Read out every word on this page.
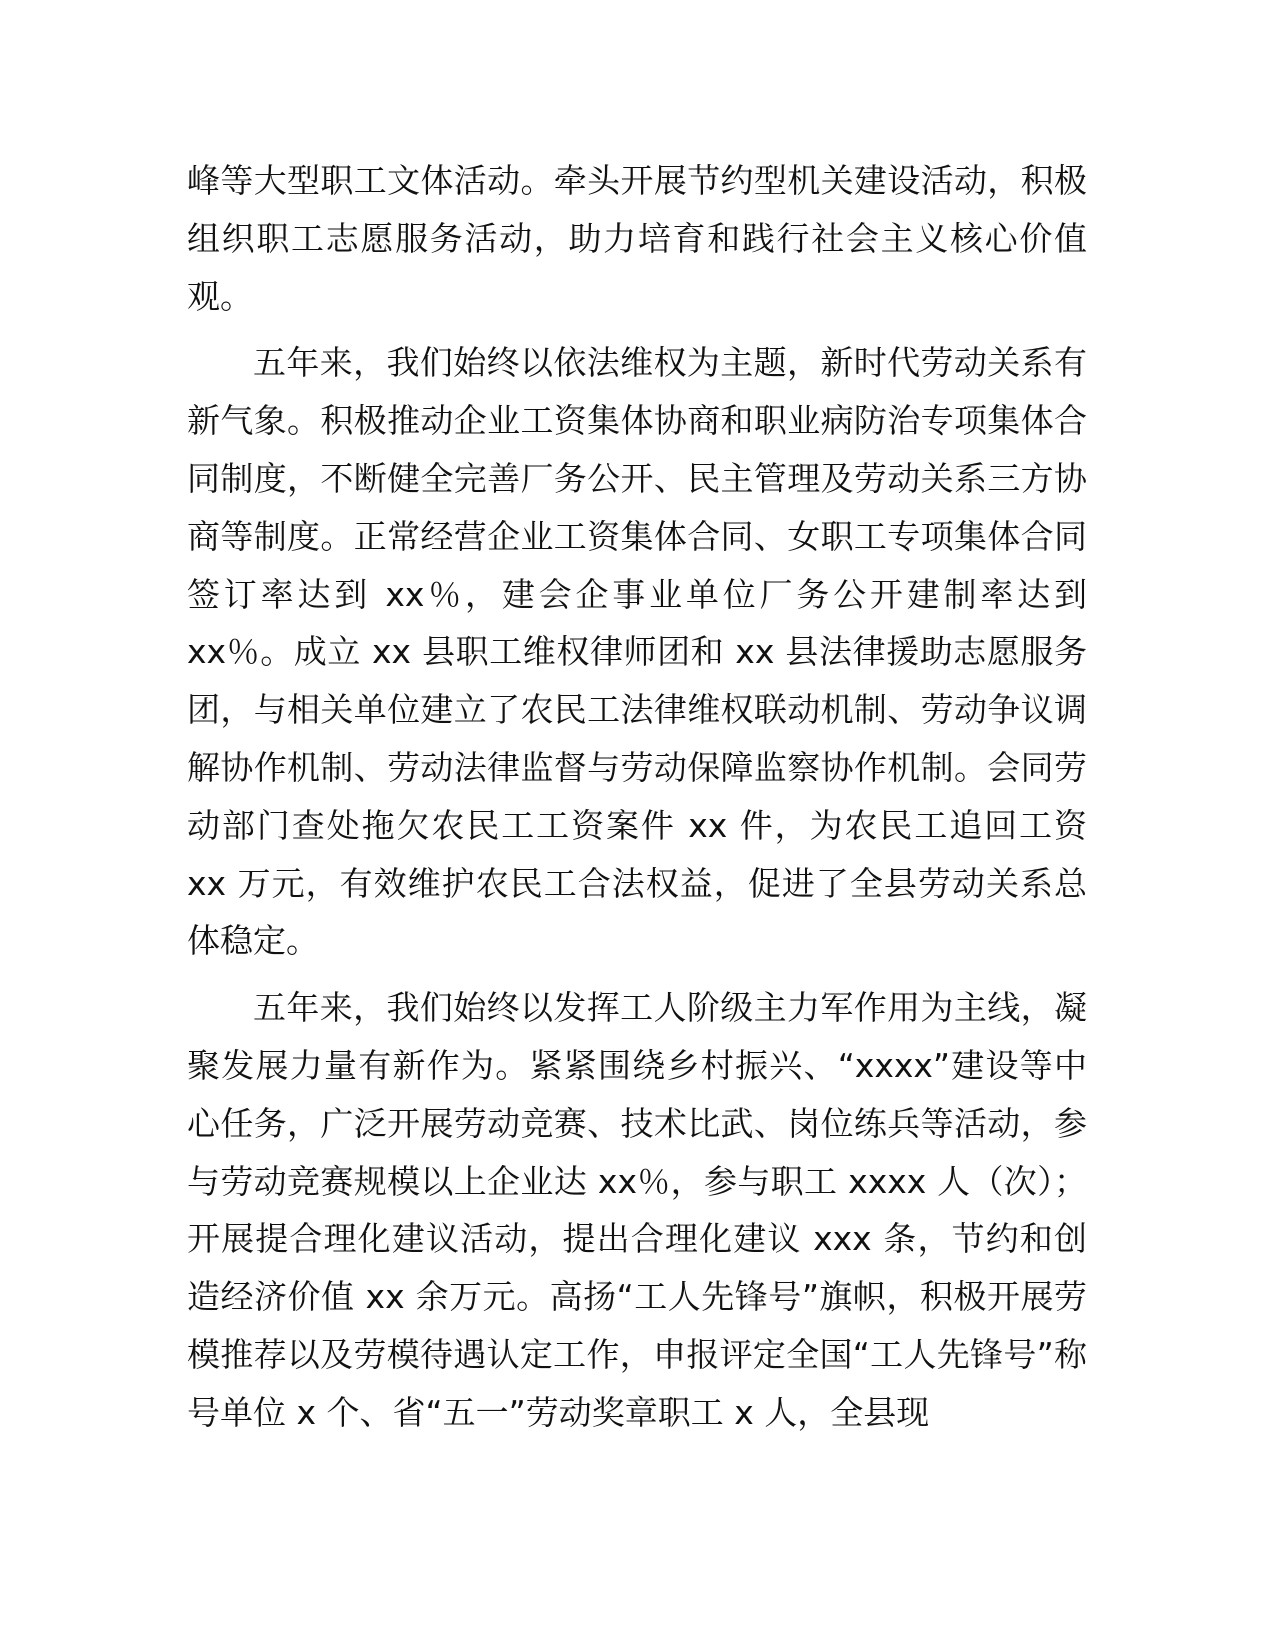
峰等大型职工文体活动。牵头开展节约型机关建设活动，积极组织职工志愿服务活动，助力培育和践行社会主义核心价值观。

五年来，我们始终以依法维权为主题，新时代劳动关系有新气象。积极推动企业工资集体协商和职业病防治专项集体合同制度，不断健全完善厂务公开、民主管理及劳动关系三方协商等制度。正常经营企业工资集体合同、女职工专项集体合同签订率达到 xx％，建会企事业单位厂务公开建制率达到 xx％。成立 xx 县职工维权律师团和 xx 县法律援助志愿服务团，与相关单位建立了农民工法律维权联动机制、劳动争议调解协作机制、劳动法律监督与劳动保障监察协作机制。会同劳动部门查处拖欠农民工工资案件 xx 件，为农民工追回工资 xx 万元，有效维护农民工合法权益，促进了全县劳动关系总体稳定。

五年来，我们始终以发挥工人阶级主力军作用为主线，凝聚发展力量有新作为。紧紧围绕乡村振兴、“xxxx”建设等中心任务，广泛开展劳动竞赛、技术比武、岗位练兵等活动，参与劳动竞赛规模以上企业达 xx％，参与职工 xxxx 人（次）；开展提合理化建议活动，提出合理化建议 xxx 条，节约和创造经济价值 xx 余万元。高扬“工人先锋号”旗帜，积极开展劳模推荐以及劳模待遇认定工作，申报评定全国“工人先锋号”称号单位 x 个、省“五一”劳动奖章职工 x 人，全县现
